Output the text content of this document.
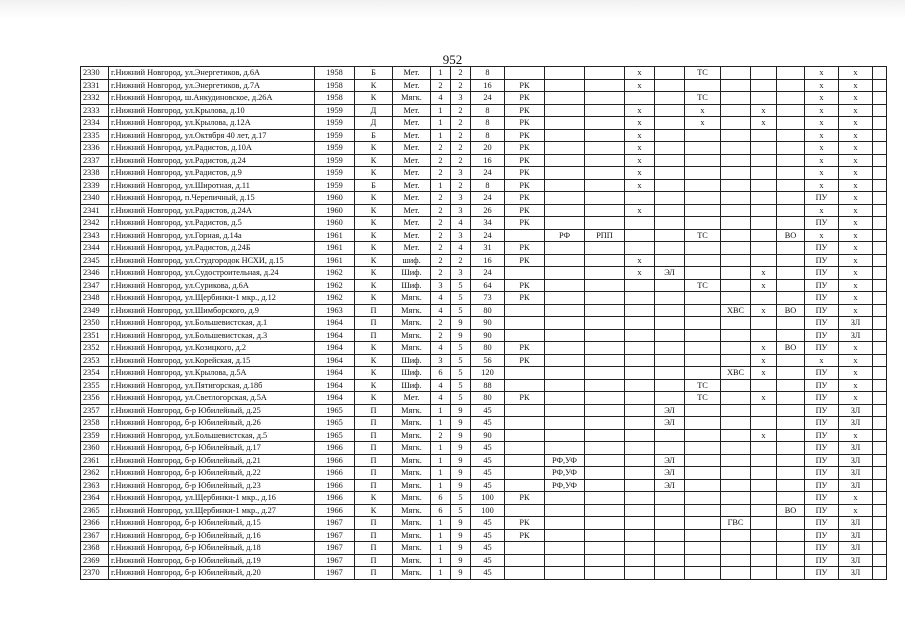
952
2330	г.Нижний Новгород, ул.Энергетиков, д.6А	1958	Б	Мет.	1	2	8				х		ТС				х	х	
2331	г.Нижний Новгород, ул.Энергетиков, д.7А	1958	К	Мет.	2	2	16	РК			х						х	х	
2332	г.Нижний Новгород, ш.Анкудиновское, д.26А	1958	К	Мягк.	4	3	24	РК					ТС				х	х	
2333	г.Нижний Новгород, ул.Крылова, д.10	1959	Д	Мет.	1	2	8	РК			х		х		х		х	х	
2334	г.Нижний Новгород, ул.Крылова, д.12А	1959	Д	Мет.	1	2	8	РК			х		х		х		х	х	
2335	г.Нижний Новгород, ул.Октября 40 лет, д.17	1959	Б	Мет.	1	2	8	РК			х						х	х	
2336	г.Нижний Новгород, ул.Радистов, д.10А	1959	К	Мет.	2	2	20	РК			х						х	х	
2337	г.Нижний Новгород, ул.Радистов, д.24	1959	К	Мет.	2	2	16	РК			х						х	х	
2338	г.Нижний Новгород, ул.Радистов, д.9	1959	К	Мет.	2	3	24	РК			х						х	х	
2339	г.Нижний Новгород, ул.Широтная, д.11	1959	Б	Мет.	1	2	8	РК			х						х	х	
2340	г.Нижний Новгород, п.Черепичный, д.15	1960	К	Мет.	2	3	24	РК									ПУ	х	
2341	г.Нижний Новгород, ул.Радистов, д.24А	1960	К	Мет.	2	3	26	РК			х						х	х	
2342	г.Нижний Новгород, ул.Радистов, д.5	1960	К	Мет.	2	4	34	РК									ПУ	х	
2343	г.Нижний Новгород, ул.Горная, д.14а	1961	К	Мет.	2	3	24		РФ	РПП			ТС			ВО	х	х	
2344	г.Нижний Новгород, ул.Радистов, д.24Б	1961	К	Мет.	2	4	31	РК									ПУ	х	
2345	г.Нижний Новгород, ул.Студгородок НСХИ, д.15	1961	К	шиф.	2	2	16	РК			х						ПУ	х	
2346	г.Нижний Новгород, ул.Судостроительная, д.24	1962	К	Шиф.	2	3	24				х	ЭЛ			х		ПУ	х	
2347	г.Нижний Новгород, ул.Сурикова, д.6А	1962	К	Шиф.	3	5	64	РК					ТС		х		ПУ	х	
2348	г.Нижний Новгород, ул.Щербинки-1 мкр., д.12	1962	К	Мягк.	4	5	73	РК									ПУ	х	
2349	г.Нижний Новгород, ул.Шимборского, д.9	1963	П	Мягк.	4	5	80							ХВС	х	ВО	ПУ	х	
2350	г.Нижний Новгород, ул.Большевистская, д.1	1964	П	Мягк.	2	9	90										ПУ	ЗЛ	
2351	г.Нижний Новгород, ул.Большевистская, д.3	1964	П	Мягк.	2	9	90										ПУ	ЗЛ	
2352	г.Нижний Новгород, ул.Козицкого, д.2	1964	К	Мягк.	4	5	80	РК							х	ВО	ПУ	х	
2353	г.Нижний Новгород, ул.Корейская, д.15	1964	К	Шиф.	3	5	56	РК							х		х	х	
2354	г.Нижний Новгород, ул.Крылова, д.5А	1964	К	Шиф.	6	5	120							ХВС	х		ПУ	х	
2355	г.Нижний Новгород, ул.Пятигорская, д.18б	1964	К	Шиф.	4	5	88						ТС				ПУ	х	
2356	г.Нижний Новгород, ул.Светлогорская, д.5А	1964	К	Мет.	4	5	80	РК					ТС		х		ПУ	х	
2357	г.Нижний Новгород, б-р Юбилейный, д.25	1965	П	Мягк.	1	9	45					ЭЛ					ПУ	ЗЛ	
2358	г.Нижний Новгород, б-р Юбилейный, д.26	1965	П	Мягк.	1	9	45					ЭЛ					ПУ	ЗЛ	
2359	г.Нижний Новгород, ул.Большевистская, д.5	1965	П	Мягк.	2	9	90								х		ПУ	х	
2360	г.Нижний Новгород, б-р Юбилейный, д.17	1966	П	Мягк.	1	9	45										ПУ	ЗЛ	
2361	г.Нижний Новгород, б-р Юбилейный, д.21	1966	П	Мягк.	1	9	45		РФ,УФ			ЭЛ					ПУ	ЗЛ	
2362	г.Нижний Новгород, б-р Юбилейный, д.22	1966	П	Мягк.	1	9	45		РФ,УФ			ЭЛ					ПУ	ЗЛ	
2363	г.Нижний Новгород, б-р Юбилейный, д.23	1966	П	Мягк.	1	9	45		РФ,УФ			ЭЛ					ПУ	ЗЛ	
2364	г.Нижний Новгород, ул.Щербинки-1 мкр., д.16	1966	К	Мягк.	6	5	100	РК									ПУ	х	
2365	г.Нижний Новгород, ул.Щербинки-1 мкр., д.27	1966	К	Мягк.	6	5	100									ВО	ПУ	х	
2366	г.Нижний Новгород, б-р Юбилейный, д.15	1967	П	Мягк.	1	9	45	РК						ГВС			ПУ	ЗЛ	
2367	г.Нижний Новгород, б-р Юбилейный, д.16	1967	П	Мягк.	1	9	45	РК									ПУ	ЗЛ	
2368	г.Нижний Новгород, б-р Юбилейный, д.18	1967	П	Мягк.	1	9	45										ПУ	ЗЛ	
2369	г.Нижний Новгород, б-р Юбилейный, д.19	1967	П	Мягк.	1	9	45										ПУ	ЗЛ	
2370	г.Нижний Новгород, б-р Юбилейный, д.20	1967	П	Мягк.	1	9	45										ПУ	ЗЛ	
